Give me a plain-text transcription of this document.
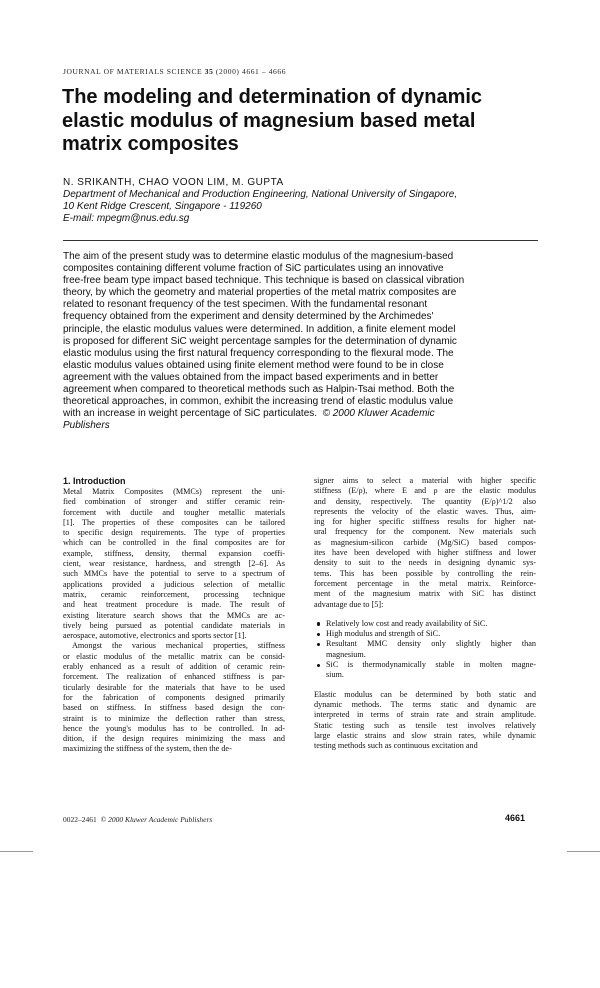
JOURNAL OF MATERIALS SCIENCE 35 (2000) 4661 – 4666
The modeling and determination of dynamic
elastic modulus of magnesium based metal
matrix composites
N. SRIKANTH, CHAO VOON LIM, M. GUPTA
Department of Mechanical and Production Engineering, National University of Singapore,
10 Kent Ridge Crescent, Singapore - 119260
E-mail: mpegm@nus.edu.sg
The aim of the present study was to determine elastic modulus of the magnesium-based
composites containing different volume fraction of SiC particulates using an innovative
free-free beam type impact based technique. This technique is based on classical vibration
theory, by which the geometry and material properties of the metal matrix composites are
related to resonant frequency of the test specimen. With the fundamental resonant
frequency obtained from the experiment and density determined by the Archimedes'
principle, the elastic modulus values were determined. In addition, a finite element model
is proposed for different SiC weight percentage samples for the determination of dynamic
elastic modulus using the first natural frequency corresponding to the flexural mode. The
elastic modulus values obtained using finite element method were found to be in close
agreement with the values obtained from the impact based experiments and in better
agreement when compared to theoretical methods such as Halpin-Tsai method. Both the
theoretical approaches, in common, exhibit the increasing trend of elastic modulus value
with an increase in weight percentage of SiC particulates. © 2000 Kluwer Academic
Publishers
1. Introduction
Metal Matrix Composites (MMCs) represent the uni-
fied combination of stronger and stiffer ceramic rein-
forcement with ductile and tougher metallic materials
[1]. The properties of these composites can be tailored
to specific design requirements. The type of properties
which can be controlled in the final composites are for
example, stiffness, density, thermal expansion coeffi-
cient, wear resistance, hardness, and strength [2–6]. As
such MMCs have the potential to serve to a spectrum of
applications provided a judicious selection of metallic
matrix, ceramic reinforcement, processing technique
and heat treatment procedure is made. The result of
existing literature search shows that the MMCs are ac-
tively being pursued as potential candidate materials in
aerospace, automotive, electronics and sports sector [1].
Amongst the various mechanical properties, stiffness
or elastic modulus of the metallic matrix can be consid-
erably enhanced as a result of addition of ceramic rein-
forcement. The realization of enhanced stiffness is par-
ticularly desirable for the materials that have to be used
for the fabrication of components designed primarily
based on stiffness. In stiffness based design the con-
straint is to minimize the deflection rather than stress,
hence the young's modulus has to be controlled. In ad-
dition, if the design requires minimizing the mass and
maximizing the stiffness of the system, then the de-
signer aims to select a material with higher specific
stiffness (E/ρ), where E and ρ are the elastic modulus
and density, respectively. The quantity (E/ρ)^1/2 also
represents the velocity of the elastic waves. Thus, aim-
ing for higher specific stiffness results for higher nat-
ural frequency for the component. New materials such
as magnesium-silicon carbide (Mg/SiC) based compos-
ites have been developed with higher stiffness and lower
density to suit to the needs in designing dynamic sys-
tems. This has been possible by controlling the rein-
forcement percentage in the metal matrix. Reinforce-
ment of the magnesium matrix with SiC has distinct
advantage due to [5]:
Relatively low cost and ready availability of SiC.
High modulus and strength of SiC.
Resultant MMC density only slightly higher than
magnesium.
SiC is thermodynamically stable in molten magne-
sium.
Elastic modulus can be determined by both static and
dynamic methods. The terms static and dynamic are
interpreted in terms of strain rate and strain amplitude.
Static testing such as tensile test involves relatively
large elastic strains and slow strain rates, while dynamic
testing methods such as continuous excitation and
0022–2461 © 2000 Kluwer Academic Publishers	4661
